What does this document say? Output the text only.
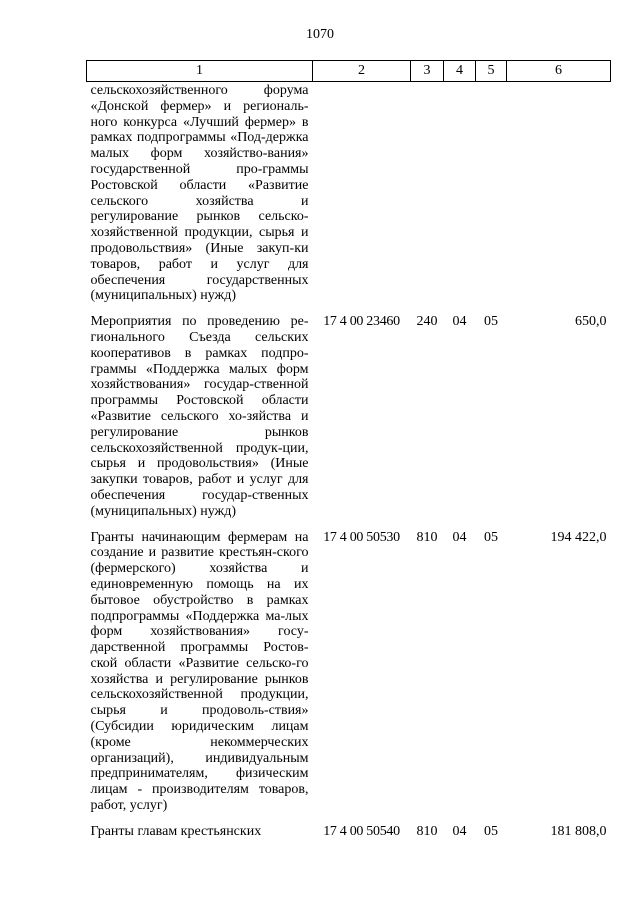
1070
1	2	3	4	5	6
сельскохозяйственного форума «Донской фермер» и региональ-ного конкурса «Лучший фермер» в рамках подпрограммы «Под-держка малых форм хозяйство-вания» государственной про-граммы Ростовской области «Развитие сельского хозяйства и регулирование рынков сельско-хозяйственной продукции, сырья и продовольствия» (Иные закуп-ки товаров, работ и услуг для обеспечения государственных (муниципальных) нужд)					
Мероприятия по проведению ре-гионального Съезда сельских кооперативов в рамках подпро-граммы «Поддержка малых форм хозяйствования» государ-ственной программы Ростовской области «Развитие сельского хо-зяйства и регулирование рынков сельскохозяйственной продук-ции, сырья и продовольствия» (Иные закупки товаров, работ и услуг для обеспечения государ-ственных (муниципальных) нужд)	17 4 00 23460	240	04	05	650,0
Гранты начинающим фермерам на создание и развитие крестьян-ского (фермерского) хозяйства и единовременную помощь на их бытовое обустройство в рамках подпрограммы «Поддержка ма-лых форм хозяйствования» госу-дарственной программы Ростов-ской области «Развитие сельско-го хозяйства и регулирование рынков сельскохозяйственной продукции, сырья и продоволь-ствия» (Субсидии юридическим лицам (кроме некоммерческих организаций), индивидуальным предпринимателям, физическим лицам - производителям товаров, работ, услуг)	17 4 00 50530	810	04	05	194 422,0
Гранты главам крестьянских	17 4 00 50540	810	04	05	181 808,0
